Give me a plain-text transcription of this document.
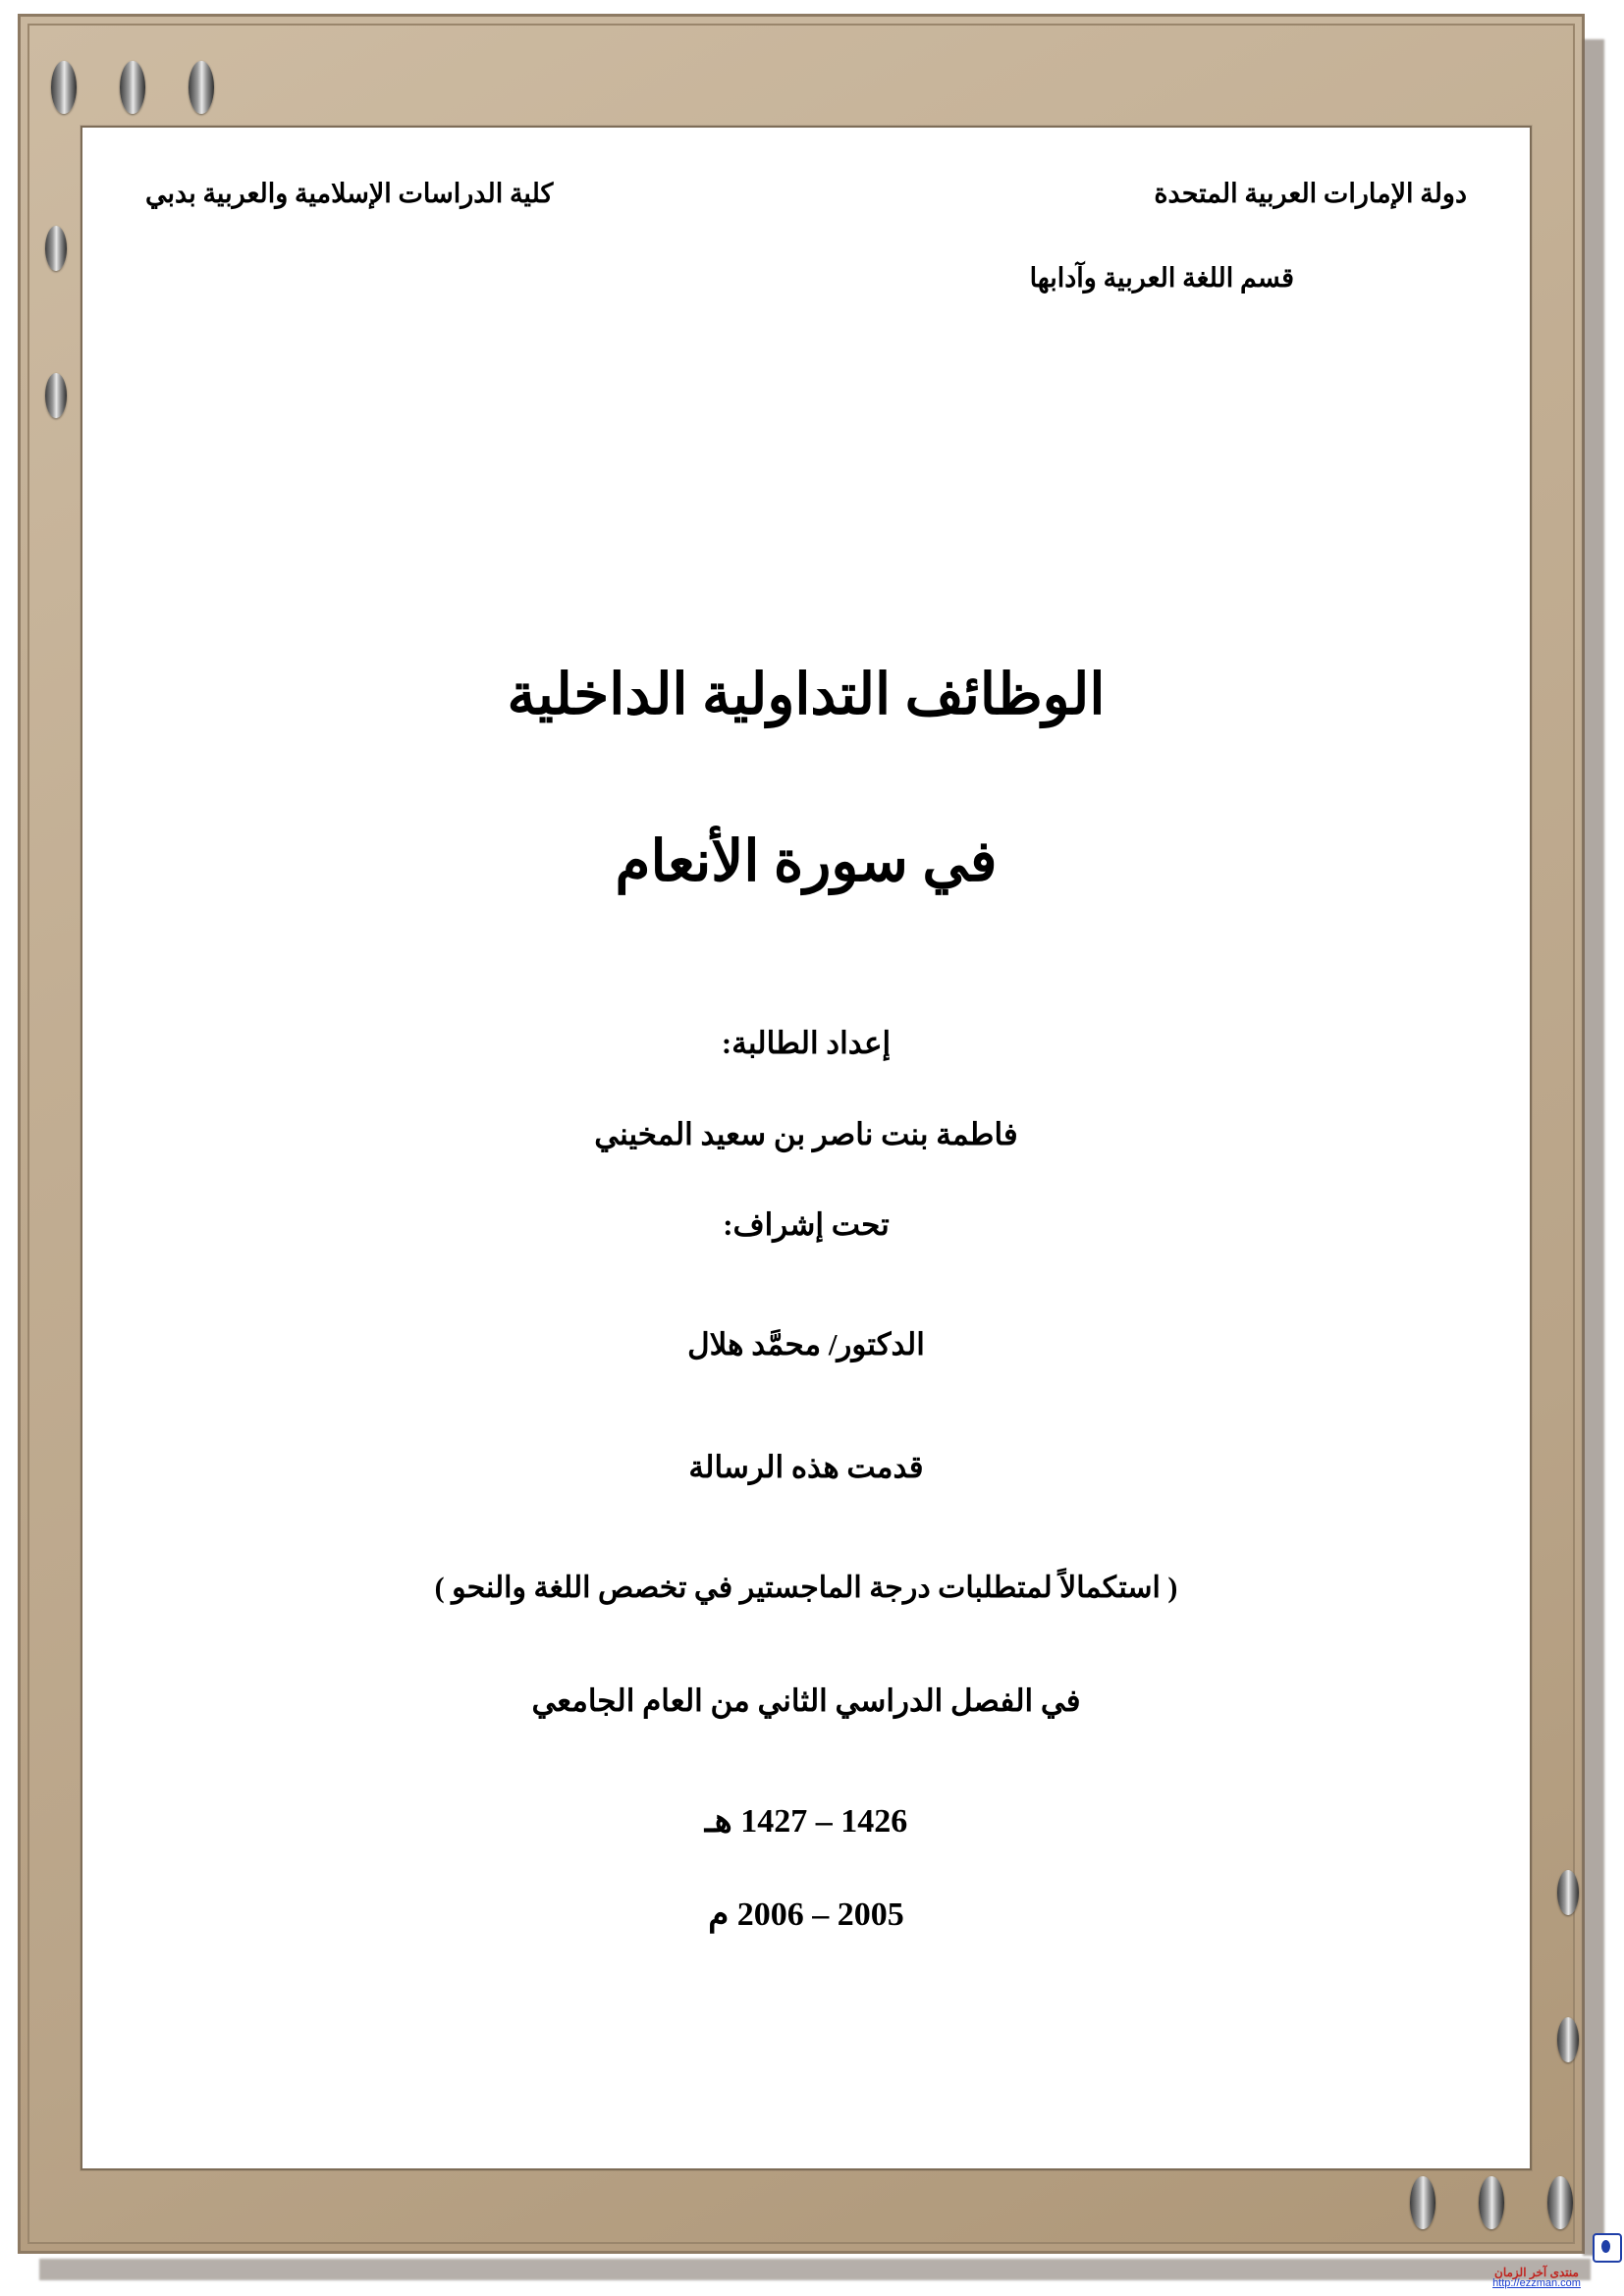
دولة الإمارات العربية المتحدة
كلية الدراسات الإسلامية والعربية بدبي
قسم اللغة العربية وآدابها
الوظائف التداولية الداخلية
في سورة الأنعام
إعداد الطالبة:
فاطمة بنت ناصر بن سعيد المخيني
تحت إشراف:
الدكتور/ محمَّد هلال
قدمت هذه الرسالة
( استكمالاً لمتطلبات درجة الماجستير في تخصص اللغة والنحو )
في الفصل الدراسي الثاني من العام الجامعي
1426 – 1427 هـ
2005 – 2006 م
منتدى آخر الزمان
http://ezzman.com
